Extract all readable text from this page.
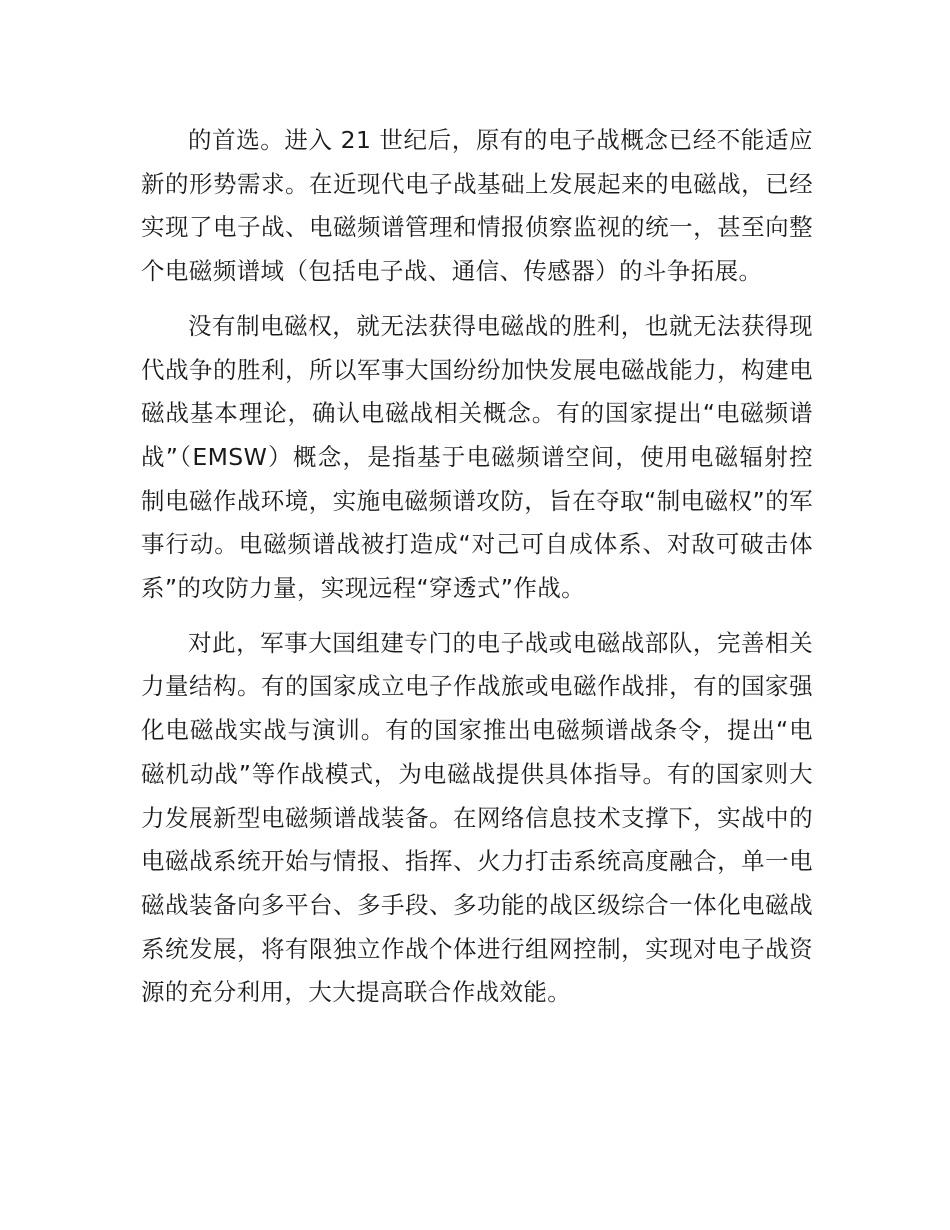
的首选。进入 21 世纪后，原有的电子战概念已经不能适应新的形势需求。在近现代电子战基础上发展起来的电磁战，已经实现了电子战、电磁频谱管理和情报侦察监视的统一，甚至向整个电磁频谱域（包括电子战、通信、传感器）的斗争拓展。

没有制电磁权，就无法获得电磁战的胜利，也就无法获得现代战争的胜利，所以军事大国纷纷加快发展电磁战能力，构建电磁战基本理论，确认电磁战相关概念。有的国家提出“电磁频谱战”（EMSW）概念，是指基于电磁频谱空间，使用电磁辐射控制电磁作战环境，实施电磁频谱攻防，旨在夺取“制电磁权”的军事行动。电磁频谱战被打造成“对己可自成体系、对敌可破击体系”的攻防力量，实现远程“穿透式”作战。

对此，军事大国组建专门的电子战或电磁战部队，完善相关力量结构。有的国家成立电子作战旅或电磁作战排，有的国家强化电磁战实战与演训。有的国家推出电磁频谱战条令，提出“电磁机动战”等作战模式，为电磁战提供具体指导。有的国家则大力发展新型电磁频谱战装备。在网络信息技术支撑下，实战中的电磁战系统开始与情报、指挥、火力打击系统高度融合，单一电磁战装备向多平台、多手段、多功能的战区级综合一体化电磁战系统发展，将有限独立作战个体进行组网控制，实现对电子战资源的充分利用，大大提高联合作战效能。
